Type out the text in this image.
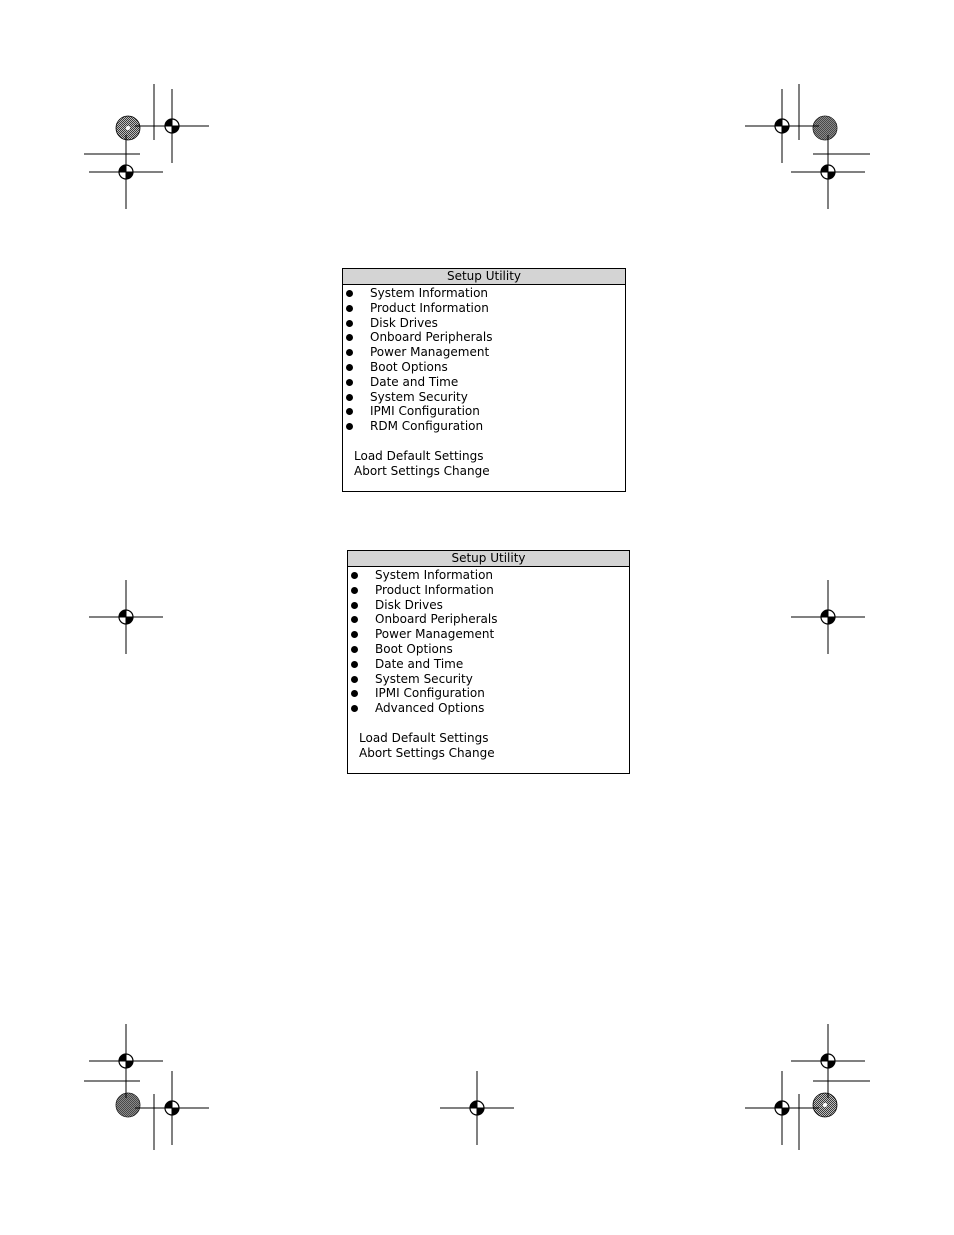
Setup Utility
System Information
Product Information
Disk Drives
Onboard Peripherals
Power Management
Boot Options
Date and Time
System Security
IPMI Configuration
RDM Configuration
Load Default Settings
Abort Settings Change
Setup Utility
System Information
Product Information
Disk Drives
Onboard Peripherals
Power Management
Boot Options
Date and Time
System Security
IPMI Configuration
Advanced Options
Load Default Settings
Abort Settings Change
